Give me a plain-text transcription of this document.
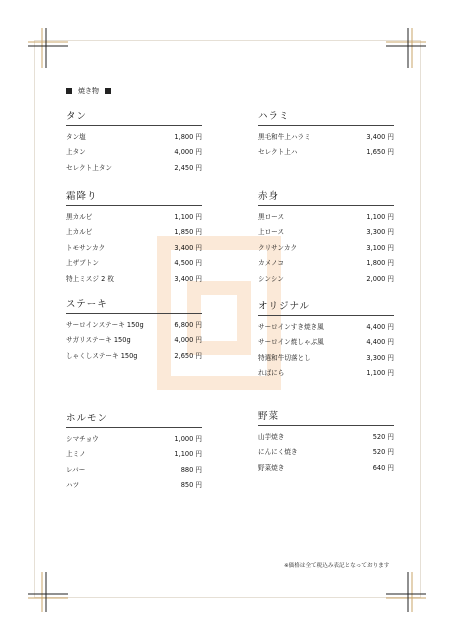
焼き物
タン
タン塩	1,800 円
上タン	4,000 円
セレクト上タン	2,450 円
ハラミ
黒毛和牛上ハラミ	3,400 円
セレクト上ハ	1,650 円
霜降り
黒カルビ	1,100 円
上カルビ	1,850 円
トモサンカク	3,400 円
上ザブトン	4,500 円
特上ミスジ 2 枚	3,400 円
赤身
黒ロース	1,100 円
上ロース	3,300 円
クリサンカク	3,100 円
カメノコ	1,800 円
シンシン	2,000 円
ステーキ
サーロインステーキ 150g	6,800 円
サガリステーキ 150g	4,000 円
しゃくしステーキ 150g	2,650 円
オリジナル
サーロインすき焼き風	4,400 円
サーロイン焼しゃぶ風	4,400 円
特選和牛切落とし	3,300 円
ればにら	1,100 円
ホルモン
シマチョウ	1,000 円
上ミノ	1,100 円
レバー	880 円
ハツ	850 円
野菜
山芋焼き	520 円
にんにく焼き	520 円
野菜焼き	640 円
※価格は全て税込み表記となっております
